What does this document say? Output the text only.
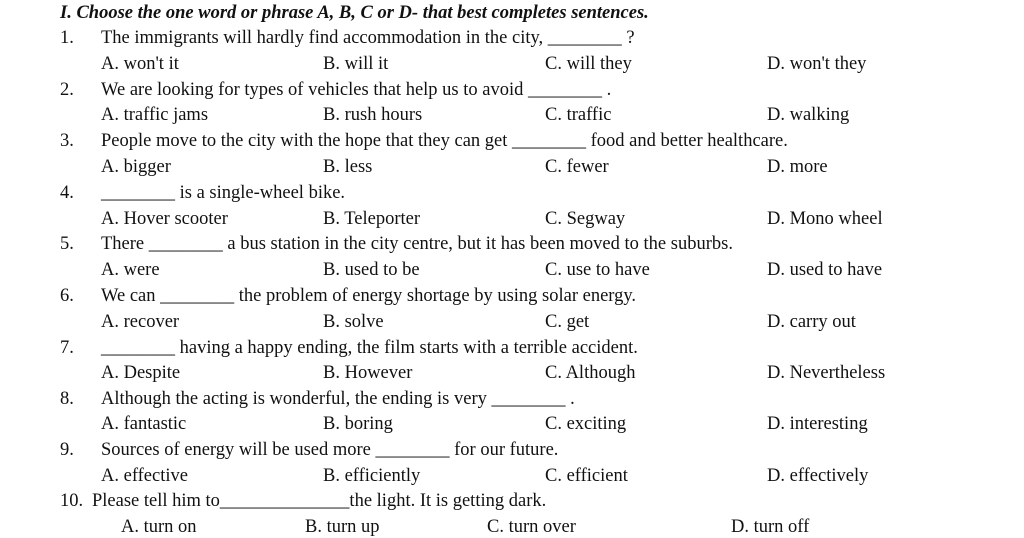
I. Choose the one word or phrase A, B, C or D- that best completes sentences.
1. The immigrants will hardly find accommodation in the city, ________ ?
A. won't it	B. will it	C. will they	D. won't they
2. We are looking for types of vehicles that help us to avoid ________ .
A. traffic jams	B. rush hours	C. traffic	D. walking
3. People move to the city with the hope that they can get ________ food and better healthcare.
A. bigger	B. less	C. fewer	D. more
4. ________ is a single-wheel bike.
A. Hover scooter	B. Teleporter	C. Segway	D. Mono wheel
5. There ________ a bus station in the city centre, but it has been moved to the suburbs.
A. were	B. used to be	C. use to have	D. used to have
6. We can ________ the problem of energy shortage by using solar energy.
A. recover	B. solve	C. get	D. carry out
7. ________ having a happy ending, the film starts with a terrible accident.
A. Despite	B. However	C. Although	D. Nevertheless
8. Although the acting is wonderful, the ending is very ________ .
A. fantastic	B. boring	C. exciting	D. interesting
9. Sources of energy will be used more ________ for our future.
A. effective	B. efficiently	C. efficient	D. effectively
10. Please tell him to______________the light. It is getting dark.
A. turn on	B. turn up	C. turn over	D. turn off
